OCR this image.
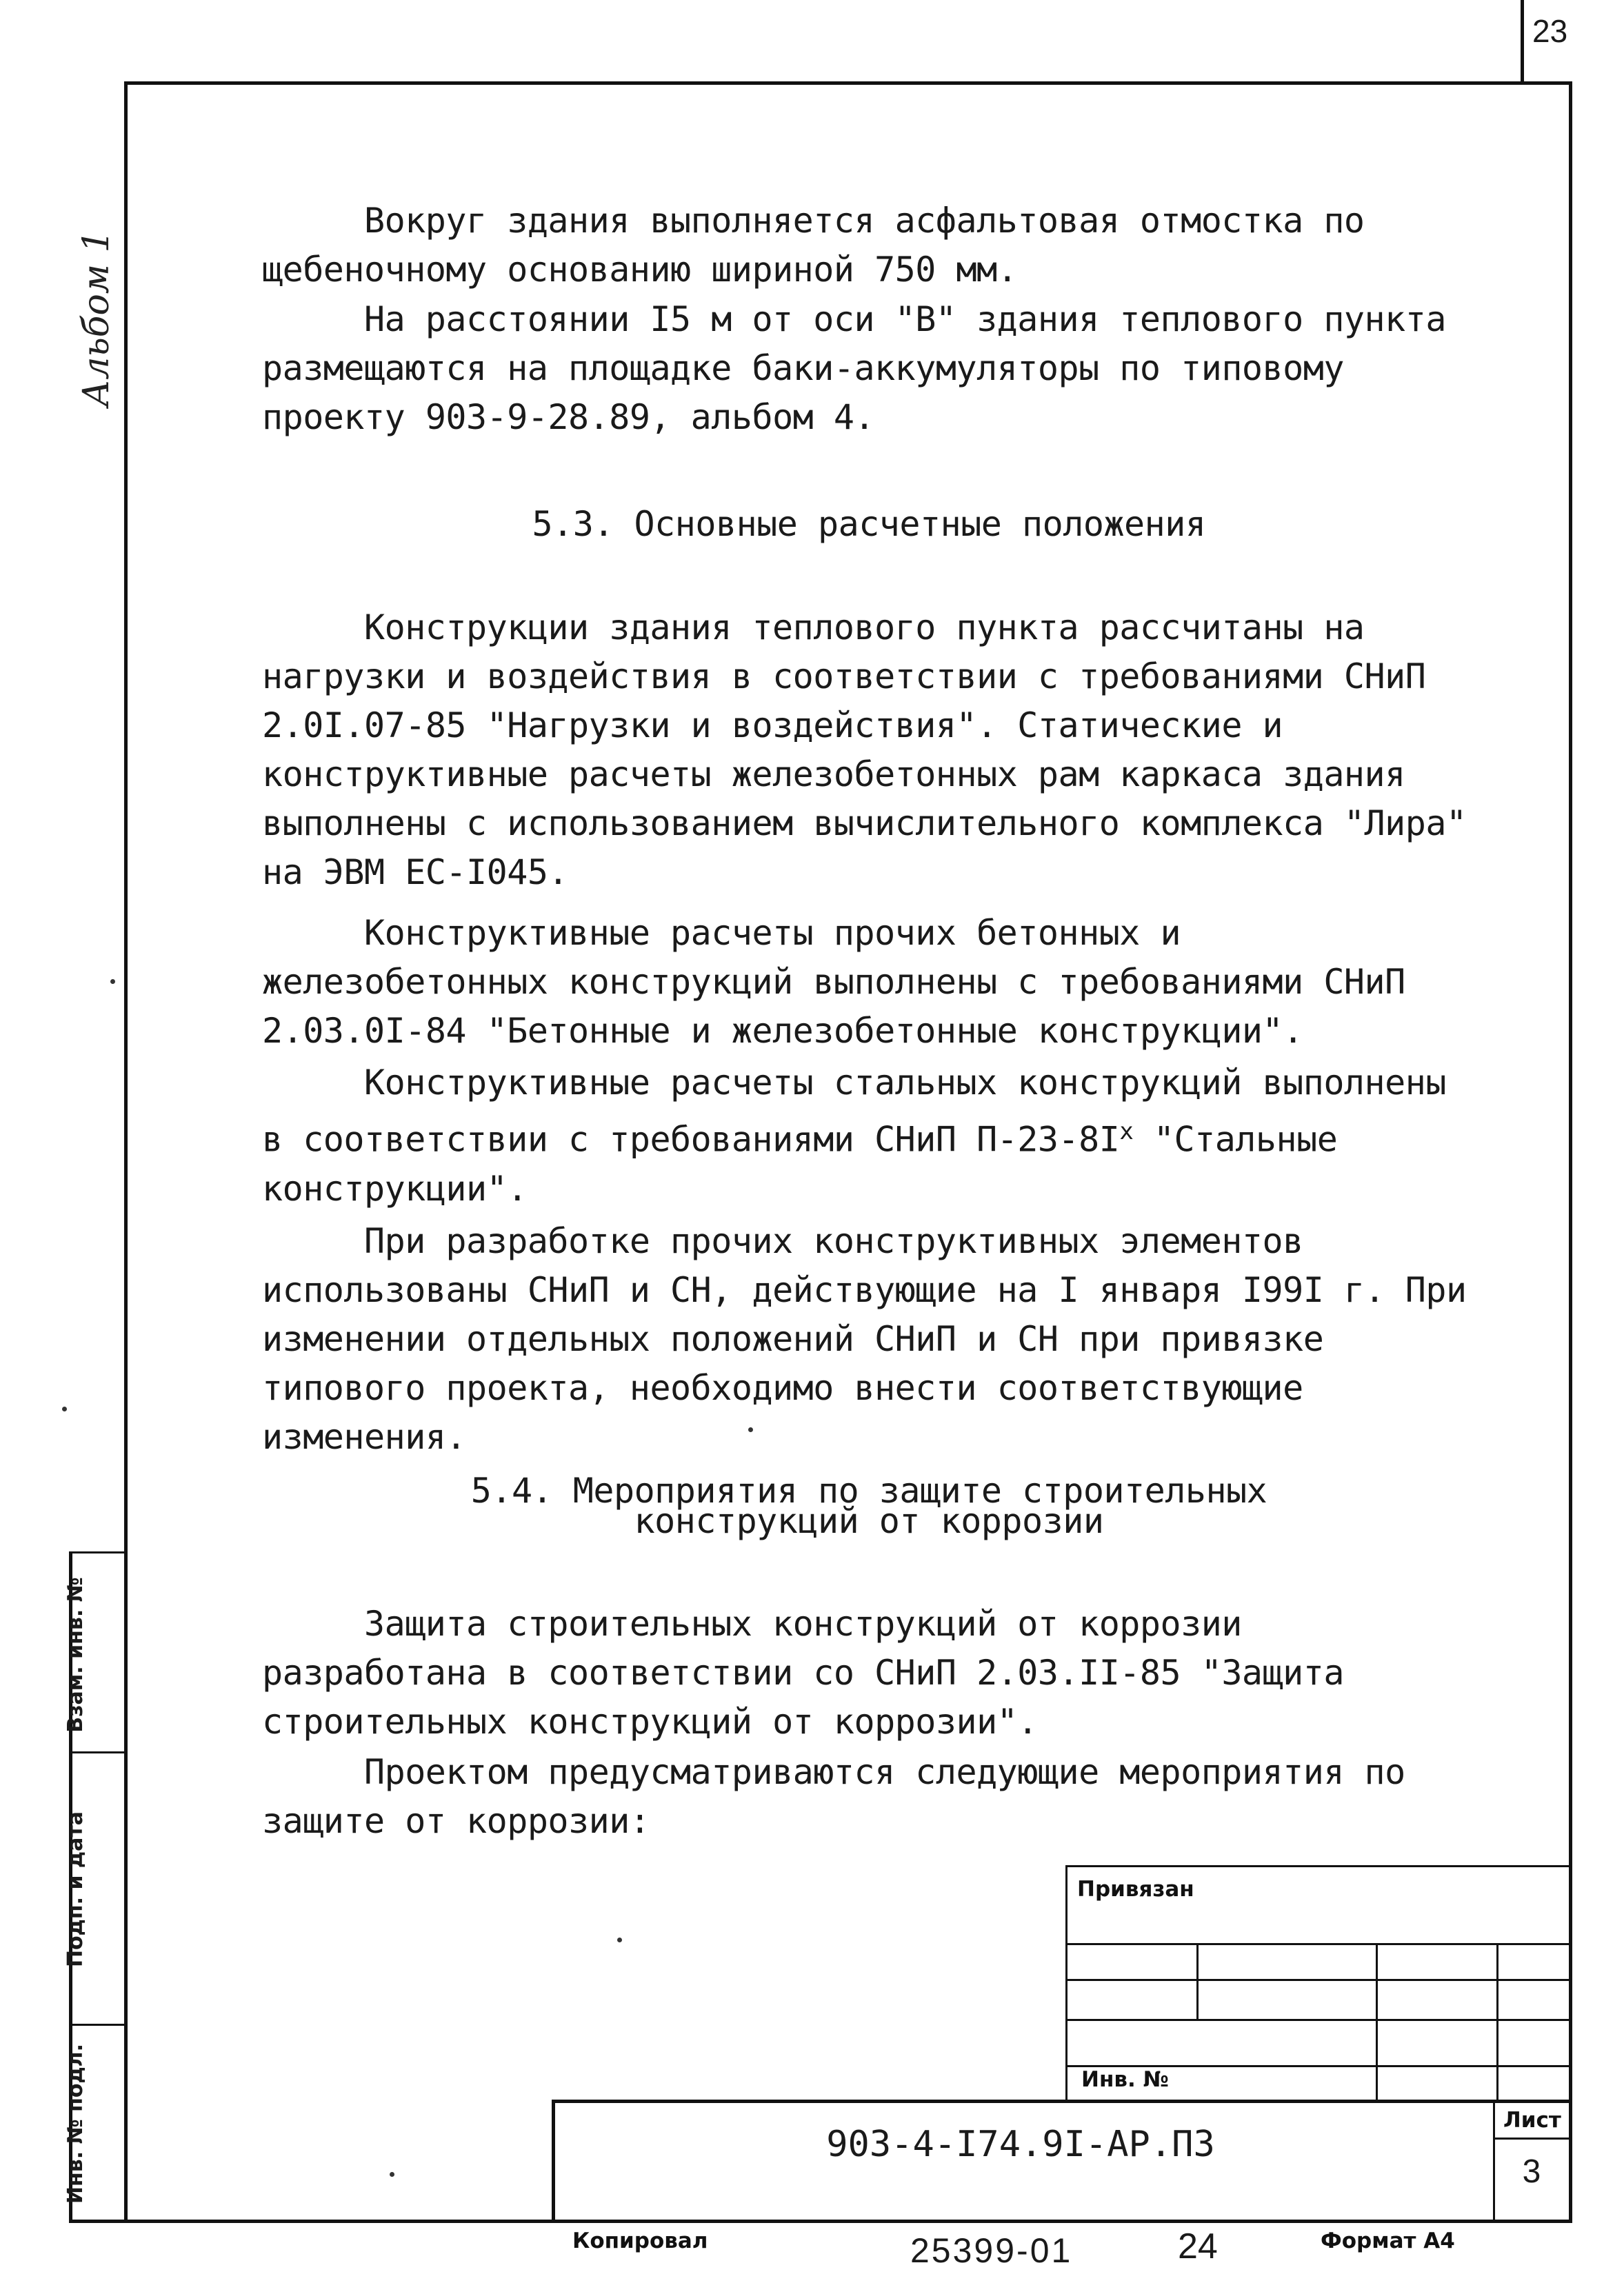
23
Альбом 1
Взам. инв. №
Подп. и дата
Инв. № подл.

Вокруг здания выполняется асфальтовая отмостка по щебеночному основанию шириной 750 мм.

На расстоянии I5 м от оси "В" здания теплового пункта размещаются на площадке баки-аккумуляторы по типовому проекту 903-9-28.89, альбом 4.

5.3. Основные расчетные положения

Конструкции здания теплового пункта рассчитаны на нагрузки и воздействия в соответствии с требованиями СНиП 2.0I.07-85 "Нагрузки и воздействия". Статические и конструктивные расчеты железобетонных рам каркаса здания выполнены с использованием вычислительного комплекса "Лира" на ЭВМ ЕС-I045.

Конструктивные расчеты прочих бетонных и железобетонных конструкций выполнены с требованиями СНиП 2.03.0I-84 "Бетонные и железобетонные конструкции".

Конструктивные расчеты стальных конструкций выполнены в соответствии с требованиями СНиП $П-23-8I^x$ "Стальные конструкции".

При разработке прочих конструктивных элементов использованы СНиП и СН, действующие на I января I99I г. При изменении отдельных положений СНиП и СН при привязке типового проекта, необходимо внести соответствующие изменения.

5.4. Мероприятия по защите строительных
конструкций от коррозии

Защита строительных конструкций от коррозии разработана в соответствии со СНиП 2.03.II-85 "Защита строительных конструкций от коррозии".

Проектом предусматриваются следующие мероприятия по защите от коррозии:

Привязан
Инв. №
903-4-I74.9I-АР.ПЗ
Лист
3
Копировал	25399-01	24	Формат А4
